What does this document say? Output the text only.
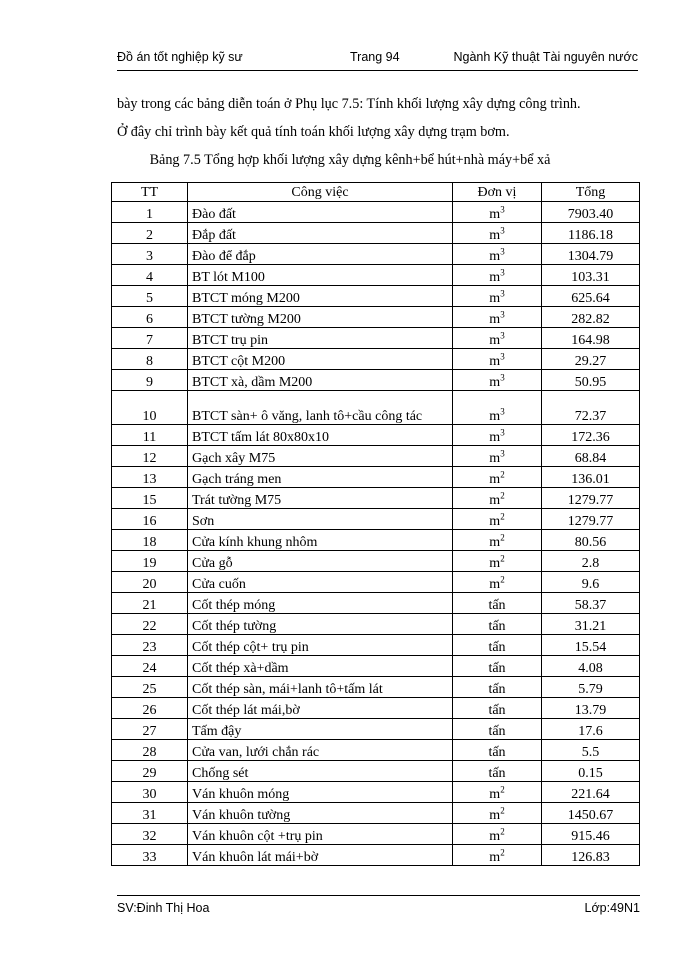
Đồ án tốt nghiệp kỹ sư	Trang 94	Ngành Kỹ thuật Tài nguyên nước
bày trong các bảng diễn toán ở Phụ lục 7.5: Tính khối lượng xây dựng công trình.
Ở đây chỉ trình bày kết quả tính toán khối lượng xây dựng trạm bơm.
Bảng 7.5 Tổng hợp khối lượng xây dựng kênh+bể hút+nhà máy+bể xả
TT	Công việc	Đơn vị	Tổng
1	Đào đất	$m^3$	7903.40
2	Đắp đất	$m^3$	1186.18
3	Đào để đắp	$m^3$	1304.79
4	BT lót M100	$m^3$	103.31
5	BTCT móng M200	$m^3$	625.64
6	BTCT tường M200	$m^3$	282.82
7	BTCT trụ pin	$m^3$	164.98
8	BTCT cột M200	$m^3$	29.27
9	BTCT xà, dầm M200	$m^3$	50.95
10	BTCT sàn+ ô văng, lanh tô+cầu công tác	$m^3$	72.37
11	BTCT tấm lát 80x80x10	$m^3$	172.36
12	Gạch xây M75	$m^3$	68.84
13	Gạch tráng men	$m^2$	136.01
15	Trát tường M75	$m^2$	1279.77
16	Sơn	$m^2$	1279.77
18	Cửa kính khung nhôm	$m^2$	80.56
19	Cửa gỗ	$m^2$	2.8
20	Cửa cuốn	$m^2$	9.6
21	Cốt thép móng	tấn	58.37
22	Cốt thép tường	tấn	31.21
23	Cốt thép cột+ trụ pin	tấn	15.54
24	Cốt thép xà+dầm	tấn	4.08
25	Cốt thép sàn, mái+lanh tô+tấm lát	tấn	5.79
26	Cốt thép lát mái,bờ	tấn	13.79
27	Tấm đậy	tấn	17.6
28	Cửa van, lưới chắn rác	tấn	5.5
29	Chống sét	tấn	0.15
30	Ván khuôn móng	$m^2$	221.64
31	Ván khuôn tường	$m^2$	1450.67
32	Ván khuôn cột +trụ pin	$m^2$	915.46
33	Ván khuôn lát mái+bờ	$m^2$	126.83
SV:Đinh Thị Hoa	Lớp:49N1
